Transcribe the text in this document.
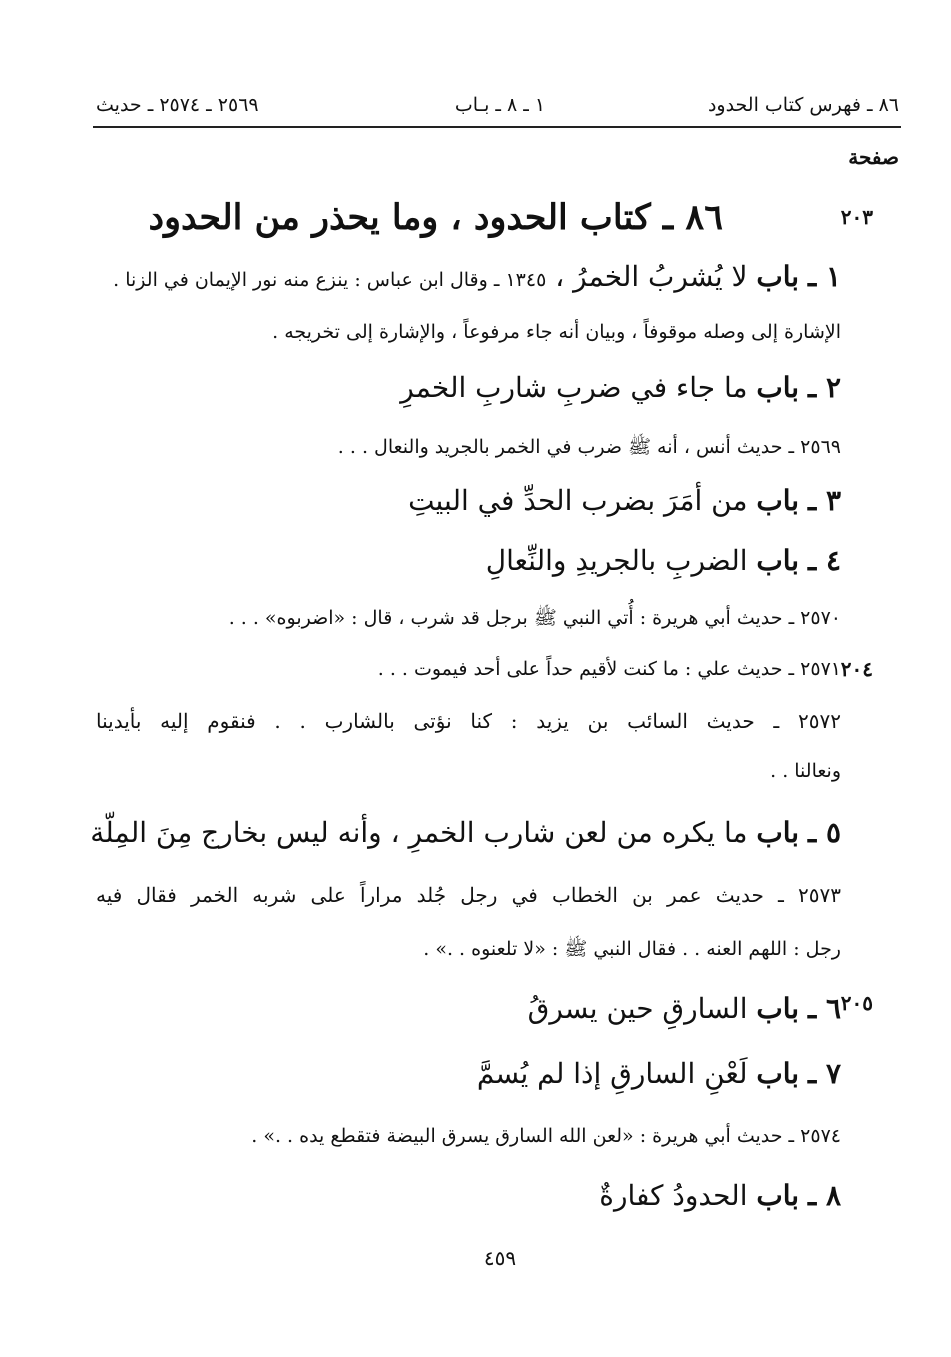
٨٦ ـ فهرس كتاب الحدود
١ ـ ٨ ـ بـاب
٢٥٦٩ ـ ٢٥٧٤ ـ حديث
صفحة
٢٠٣
٢٠٤
٢٠٥
٨٦ ـ كتاب الحدود ، وما يحذر من الحدود
١ ـ باب لا يُشربُ الخمرُ ، ١٣٤٥ ـ وقال ابن عباس : ينزع منه نور الإيمان في الزنا .
الإشارة إلى وصله موقوفاً ، وبيان أنه جاء مرفوعاً ، والإشارة إلى تخريجه .
٢ ـ باب ما جاء في ضربِ شاربِ الخمرِ
٢٥٦٩ ـ حديث أنس ، أنه ﷺ ضرب في الخمر بالجريد والنعال . . .
٣ ـ باب من أمَرَ بضرب الحدِّ في البيتِ
٤ ـ باب الضربِ بالجريدِ والنِّعالِ
٢٥٧٠ ـ حديث أبي هريرة : أُتي النبي ﷺ برجل قد شرب ، قال : «اضربوه» . . .
٢٥٧١ ـ حديث علي : ما كنت لأقيم حداً على أحد فيموت . . .
٢٥٧٢ ـ حديث السائب بن يزيد : كنا نؤتى بالشارب . . فنقوم إليه بأيدينا
ونعالنا . .
٥ ـ باب ما يكره من لعن شارب الخمرِ ، وأنه ليس بخارج مِنَ المِلّة
٢٥٧٣ ـ حديث عمر بن الخطاب في رجل جُلد مراراً على شربه الخمر فقال فيه
رجل : اللهم العنه . . فقال النبي ﷺ : «لا تلعنوه . .» .
٦ ـ باب السارقِ حين يسرقُ
٧ ـ باب لَعْنِ السارقِ إذا لم يُسمَّ
٢٥٧٤ ـ حديث أبي هريرة : «لعن الله السارق يسرق البيضة فتقطع يده . .» .
٨ ـ باب الحدودُ كفارةٌ
٤٥٩
